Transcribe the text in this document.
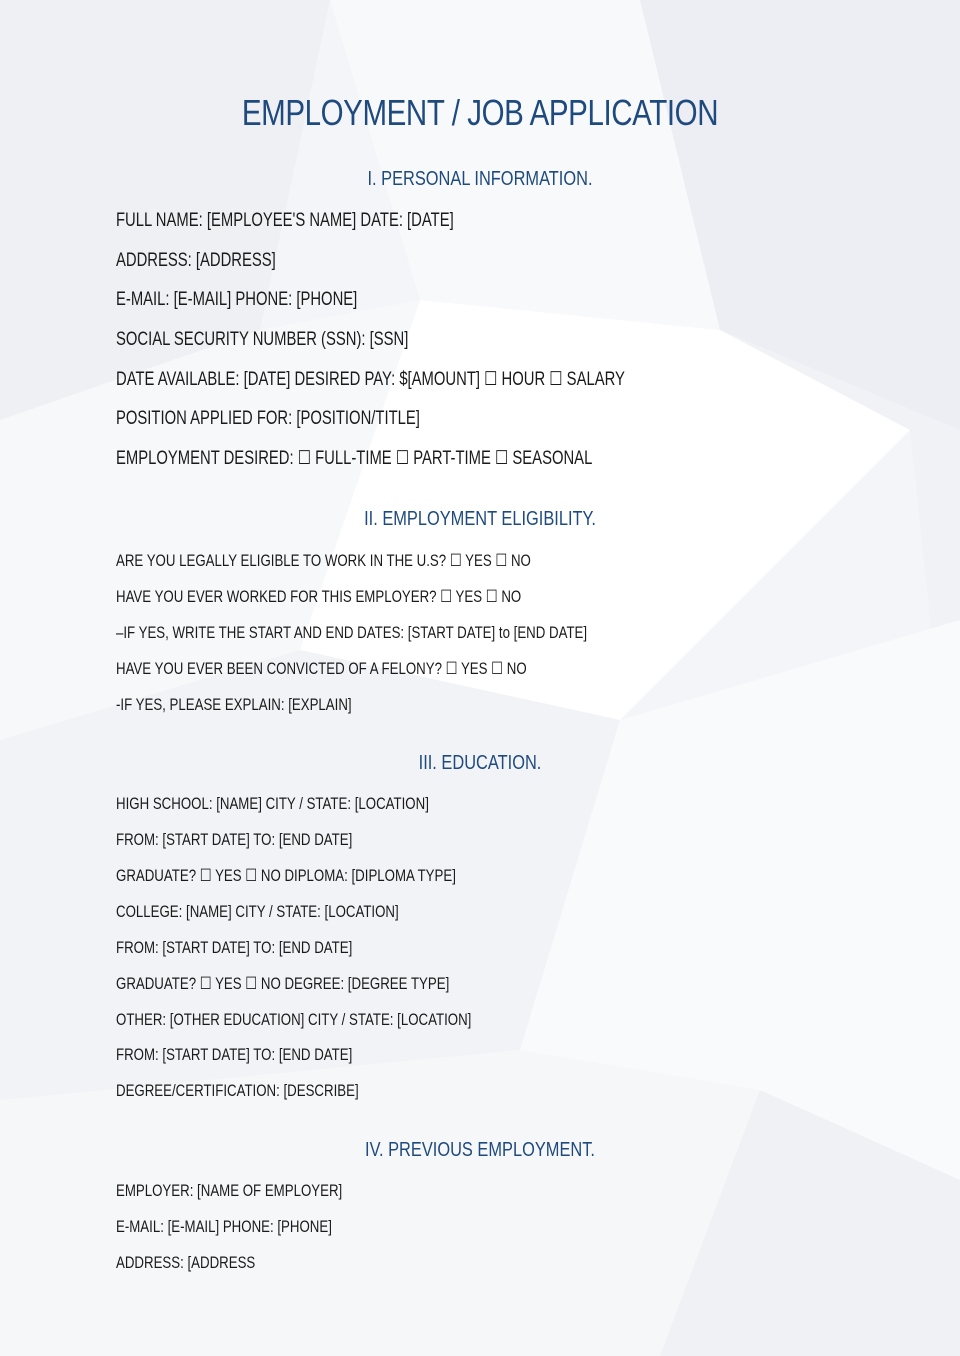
EMPLOYMENT / JOB APPLICATION
I. PERSONAL INFORMATION.
FULL NAME: [EMPLOYEE'S NAME] DATE: [DATE]
ADDRESS: [ADDRESS]
E-MAIL: [E-MAIL] PHONE: [PHONE]
SOCIAL SECURITY NUMBER (SSN): [SSN]
DATE AVAILABLE: [DATE] DESIRED PAY: $[AMOUNT] ☐ HOUR ☐ SALARY
POSITION APPLIED FOR: [POSITION/TITLE]
EMPLOYMENT DESIRED: ☐ FULL-TIME ☐ PART-TIME ☐ SEASONAL
II. EMPLOYMENT ELIGIBILITY.
ARE YOU LEGALLY ELIGIBLE TO WORK IN THE U.S? ☐ YES ☐ NO
HAVE YOU EVER WORKED FOR THIS EMPLOYER? ☐ YES ☐ NO
–IF YES, WRITE THE START AND END DATES: [START DATE] to [END DATE]
HAVE YOU EVER BEEN CONVICTED OF A FELONY? ☐ YES ☐ NO
-IF YES, PLEASE EXPLAIN: [EXPLAIN]
III. EDUCATION.
HIGH SCHOOL: [NAME] CITY / STATE: [LOCATION]
FROM: [START DATE] TO: [END DATE]
GRADUATE? ☐ YES ☐ NO DIPLOMA: [DIPLOMA TYPE]
COLLEGE: [NAME] CITY / STATE: [LOCATION]
FROM: [START DATE] TO: [END DATE]
GRADUATE? ☐ YES ☐ NO DEGREE: [DEGREE TYPE]
OTHER: [OTHER EDUCATION] CITY / STATE: [LOCATION]
FROM: [START DATE] TO: [END DATE]
DEGREE/CERTIFICATION: [DESCRIBE]
IV. PREVIOUS EMPLOYMENT.
EMPLOYER: [NAME OF EMPLOYER]
E-MAIL: [E-MAIL] PHONE: [PHONE]
ADDRESS: [ADDRESS
